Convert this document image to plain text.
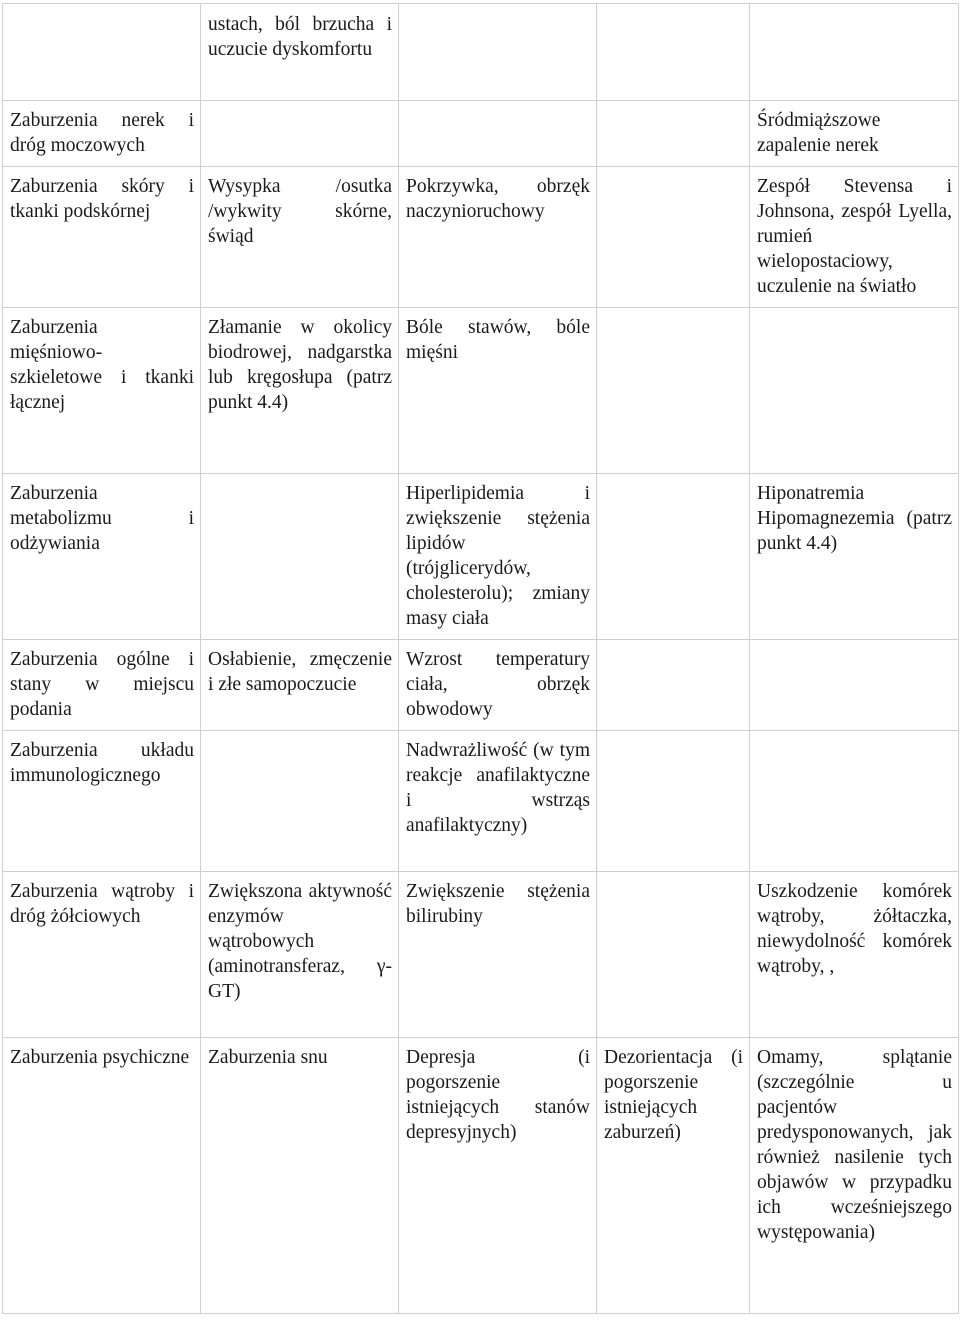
	ustach, ból brzucha i uczucie dyskomfortu			
Zaburzenia nerek i dróg moczowych				Śródmiąższowe zapalenie nerek
Zaburzenia skóry i tkanki podskórnej	Wysypka /osutka /wykwity skórne, świąd	Pokrzywka, obrzęk naczynioruchowy		Zespół Stevensa i Johnsona, zespół Lyella, rumień wielopostaciowy, uczulenie na światło
Zaburzenia mięśniowo-szkieletowe i tkanki łącznej	Złamanie w okolicy biodrowej, nadgarstka lub kręgosłupa (patrz punkt 4.4)	Bóle stawów, bóle mięśni		
Zaburzenia metabolizmu i odżywiania		Hiperlipidemia i zwiększenie stężenia lipidów (trójglicerydów, cholesterolu); zmiany masy ciała		Hiponatremia Hipomagnezemia (patrz punkt 4.4)
Zaburzenia ogólne i stany w miejscu podania	Osłabienie, zmęczenie i złe samopoczucie	Wzrost temperatury ciała, obrzęk obwodowy		
Zaburzenia układu immunologicznego		Nadwrażliwość (w tym reakcje anafilaktyczne i wstrząs anafilaktyczny)		
Zaburzenia wątroby i dróg żółciowych	Zwiększona aktywność enzymów wątrobowych (aminotransferaz, γ-GT)	Zwiększenie stężenia bilirubiny		Uszkodzenie komórek wątroby, żółtaczka, niewydolność komórek wątroby, ,
Zaburzenia psychiczne	Zaburzenia snu	Depresja (i pogorszenie istniejących stanów depresyjnych)	Dezorientacja (i pogorszenie istniejących zaburzeń)	Omamy, splątanie (szczególnie u pacjentów predysponowanych, jak również nasilenie tych objawów w przypadku ich wcześniejszego występowania)
